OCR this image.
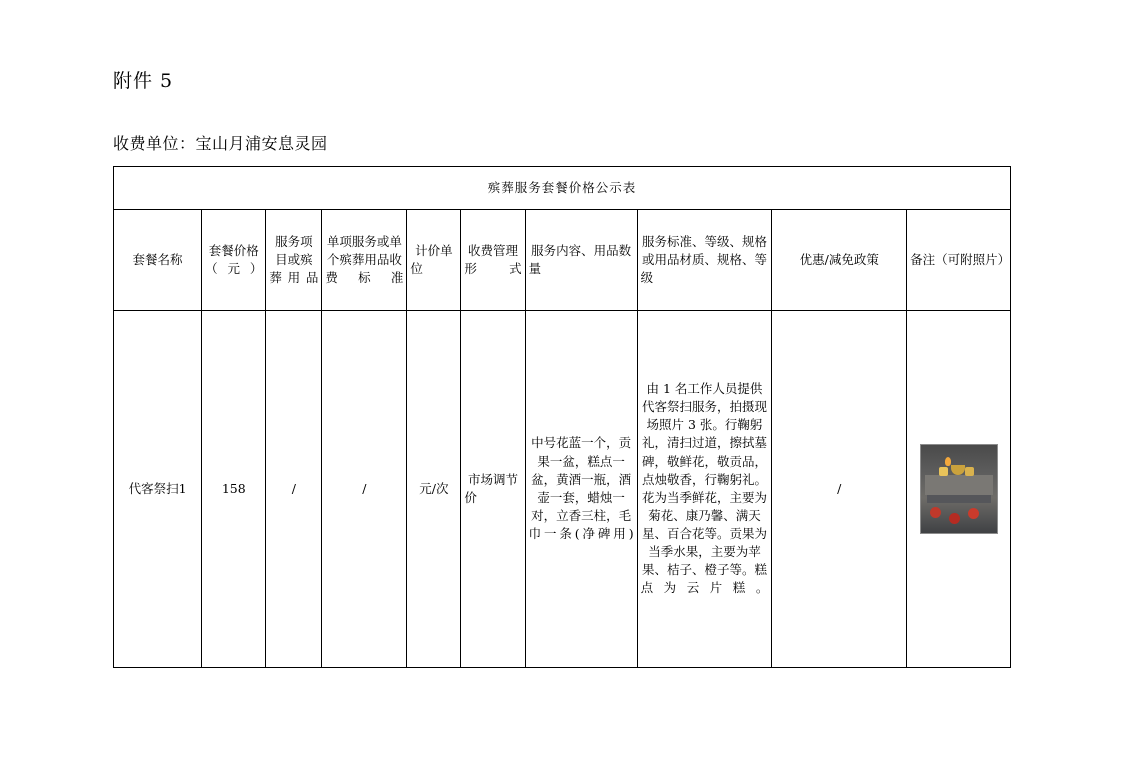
附件 5
收费单位：宝山月浦安息灵园
殡葬服务套餐价格公示表									
套餐名称	套餐价格（元）	服务项目或殡葬用品	单项服务或单个殡葬用品收费标准	计价单位	收费管理形式	服务内容、用品数量	服务标准、等级、规格或用品材质、规格、等级	优惠/减免政策	备注（可附照片）
代客祭扫1	158	/	/	元/次	市场调节价	中号花蓝一个，贡果一盆，糕点一盆，黄酒一瓶，酒壶一套，蜡烛一对，立香三柱，毛巾一条(净碑用)	由 1 名工作人员提供代客祭扫服务，拍摄现场照片 3 张。行鞠躬礼，清扫过道，擦拭墓碑，敬鲜花，敬贡品，点烛敬香，行鞠躬礼。花为当季鲜花，主要为菊花、康乃馨、满天星、百合花等。贡果为当季水果，主要为苹果、桔子、橙子等。糕点为云片糕。	/	
